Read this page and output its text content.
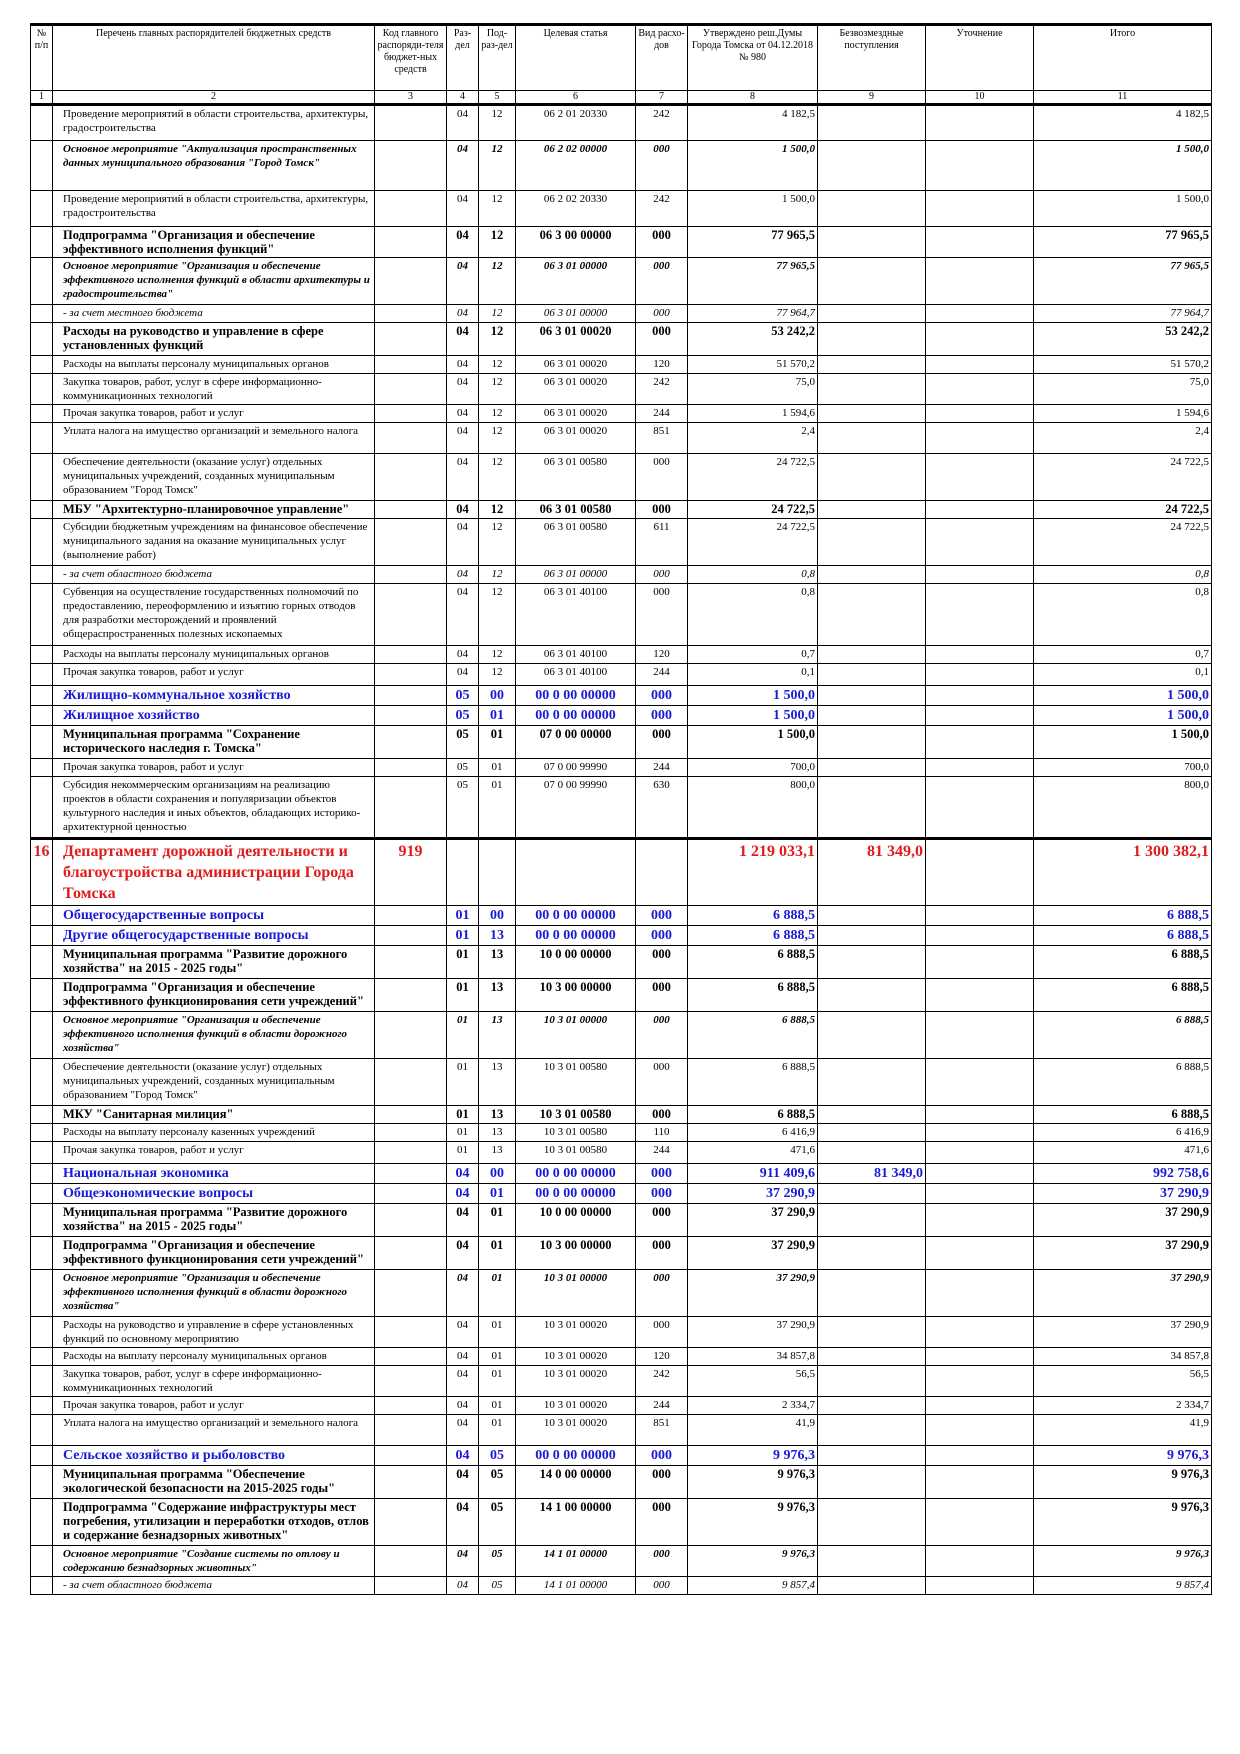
№ п/п	Перечень главных распорядителей бюджетных средств	Код главного распоряди-теля бюджет-ных средств	Раз-дел	Под-раз-дел	Целевая статья	Вид расхо-дов	Утверждено реш.Думы Города Томска от 04.12.2018 № 980	Безвозмездные поступления	Уточнение	Итого
1	2	3	4	5	6	7	8	9	10	11
	Проведение мероприятий в области строительства, архитектуры, градостроительства		04	12	06 2 01 20330	242	4 182,5			4 182,5
	Основное мероприятие "Актуализация пространственных данных муниципального образования "Город Томск"		04	12	06 2 02 00000	000	1 500,0			1 500,0
	Проведение мероприятий в области строительства, архитектуры, градостроительства		04	12	06 2 02 20330	242	1 500,0			1 500,0
	Подпрограмма "Организация и обеспечение эффективного исполнения функций"		04	12	06 3 00 00000	000	77 965,5			77 965,5
	Основное мероприятие "Организация и обеспечение эффективного исполнения функций в области архитектуры и градостроительства"		04	12	06 3 01 00000	000	77 965,5			77 965,5
	- за счет местного бюджета		04	12	06 3 01 00000	000	77 964,7			77 964,7
	Расходы на руководство и управление в сфере установленных функций		04	12	06 3 01 00020	000	53 242,2			53 242,2
	Расходы на выплаты персоналу муниципальных органов		04	12	06 3 01 00020	120	51 570,2			51 570,2
	Закупка товаров, работ, услуг в сфере информационно-коммуникационных технологий		04	12	06 3 01 00020	242	75,0			75,0
	Прочая закупка товаров, работ и услуг		04	12	06 3 01 00020	244	1 594,6			1 594,6
	Уплата налога на имущество организаций и земельного налога		04	12	06 3 01 00020	851	2,4			2,4
	Обеспечение деятельности (оказание услуг) отдельных муниципальных учреждений, созданных муниципальным образованием "Город Томск"		04	12	06 3 01 00580	000	24 722,5			24 722,5
	МБУ "Архитектурно-планировочное управление"		04	12	06 3 01 00580	000	24 722,5			24 722,5
	Субсидии бюджетным учреждениям на финансовое обеспечение муниципального задания на оказание муниципальных услуг (выполнение работ)		04	12	06 3 01 00580	611	24 722,5			24 722,5
	- за счет областного бюджета		04	12	06 3 01 00000	000	0,8			0,8
	Субвенция на осуществление государственных полномочий по предоставлению, переоформлению и изъятию горных отводов для разработки месторождений и проявлений общераспространенных полезных ископаемых		04	12	06 3 01 40100	000	0,8			0,8
	Расходы на выплаты персоналу муниципальных органов		04	12	06 3 01 40100	120	0,7			0,7
	Прочая закупка товаров, работ и услуг		04	12	06 3 01 40100	244	0,1			0,1
	Жилищно-коммунальное хозяйство		05	00	00 0 00 00000	000	1 500,0			1 500,0
	Жилищное хозяйство		05	01	00 0 00 00000	000	1 500,0			1 500,0
	Муниципальная программа "Сохранение исторического наследия г. Томска"		05	01	07 0 00 00000	000	1 500,0			1 500,0
	Прочая закупка товаров, работ и услуг		05	01	07 0 00 99990	244	700,0			700,0
	Субсидия некоммерческим организациям на реализацию проектов в области сохранения и популяризации объектов культурного наследия и иных объектов, обладающих историко-архитектурной ценностью		05	01	07 0 00 99990	630	800,0			800,0
16	Департамент дорожной деятельности и благоустройства администрации Города Томска	919					1 219 033,1	81 349,0		1 300 382,1
	Общегосударственные вопросы		01	00	00 0 00 00000	000	6 888,5			6 888,5
	Другие общегосударственные вопросы		01	13	00 0 00 00000	000	6 888,5			6 888,5
	Муниципальная программа "Развитие дорожного хозяйства" на 2015 - 2025 годы"		01	13	10 0 00 00000	000	6 888,5			6 888,5
	Подпрограмма "Организация и обеспечение эффективного функционирования сети учреждений"		01	13	10 3 00 00000	000	6 888,5			6 888,5
	Основное мероприятие "Организация и обеспечение эффективного исполнения функций в области дорожного хозяйства"		01	13	10 3 01 00000	000	6 888,5			6 888,5
	Обеспечение деятельности (оказание услуг) отдельных муниципальных учреждений, созданных муниципальным образованием "Город Томск"		01	13	10 3 01 00580	000	6 888,5			6 888,5
	МКУ "Санитарная милиция"		01	13	10 3 01 00580	000	6 888,5			6 888,5
	Расходы на выплату персоналу казенных учреждений		01	13	10 3 01 00580	110	6 416,9			6 416,9
	Прочая закупка товаров, работ и услуг		01	13	10 3 01 00580	244	471,6			471,6
	Национальная экономика		04	00	00 0 00 00000	000	911 409,6	81 349,0		992 758,6
	Общеэкономические вопросы		04	01	00 0 00 00000	000	37 290,9			37 290,9
	Муниципальная программа "Развитие дорожного хозяйства" на 2015 - 2025 годы"		04	01	10 0 00 00000	000	37 290,9			37 290,9
	Подпрограмма "Организация и обеспечение эффективного функционирования сети учреждений"		04	01	10 3 00 00000	000	37 290,9			37 290,9
	Основное мероприятие "Организация и обеспечение эффективного исполнения функций в области дорожного хозяйства"		04	01	10 3 01 00000	000	37 290,9			37 290,9
	Расходы на руководство и управление в сфере установленных функций по основному мероприятию		04	01	10 3 01 00020	000	37 290,9			37 290,9
	Расходы на выплату персоналу муниципальных органов		04	01	10 3 01 00020	120	34 857,8			34 857,8
	Закупка товаров, работ, услуг в сфере информационно-коммуникационных технологий		04	01	10 3 01 00020	242	56,5			56,5
	Прочая закупка товаров, работ и услуг		04	01	10 3 01 00020	244	2 334,7			2 334,7
	Уплата налога на имущество организаций и земельного налога		04	01	10 3 01 00020	851	41,9			41,9
	Сельское хозяйство и рыболовство		04	05	00 0 00 00000	000	9 976,3			9 976,3
	Муниципальная программа "Обеспечение экологической безопасности на 2015-2025 годы"		04	05	14 0 00 00000	000	9 976,3			9 976,3
	Подпрограмма "Содержание инфраструктуры мест погребения, утилизации и переработки отходов, отлов и содержание безнадзорных животных"		04	05	14 1 00 00000	000	9 976,3			9 976,3
	Основное мероприятие "Создание системы по отлову и содержанию безнадзорных животных"		04	05	14 1 01 00000	000	9 976,3			9 976,3
	- за счет областного бюджета		04	05	14 1 01 00000	000	9 857,4			9 857,4
